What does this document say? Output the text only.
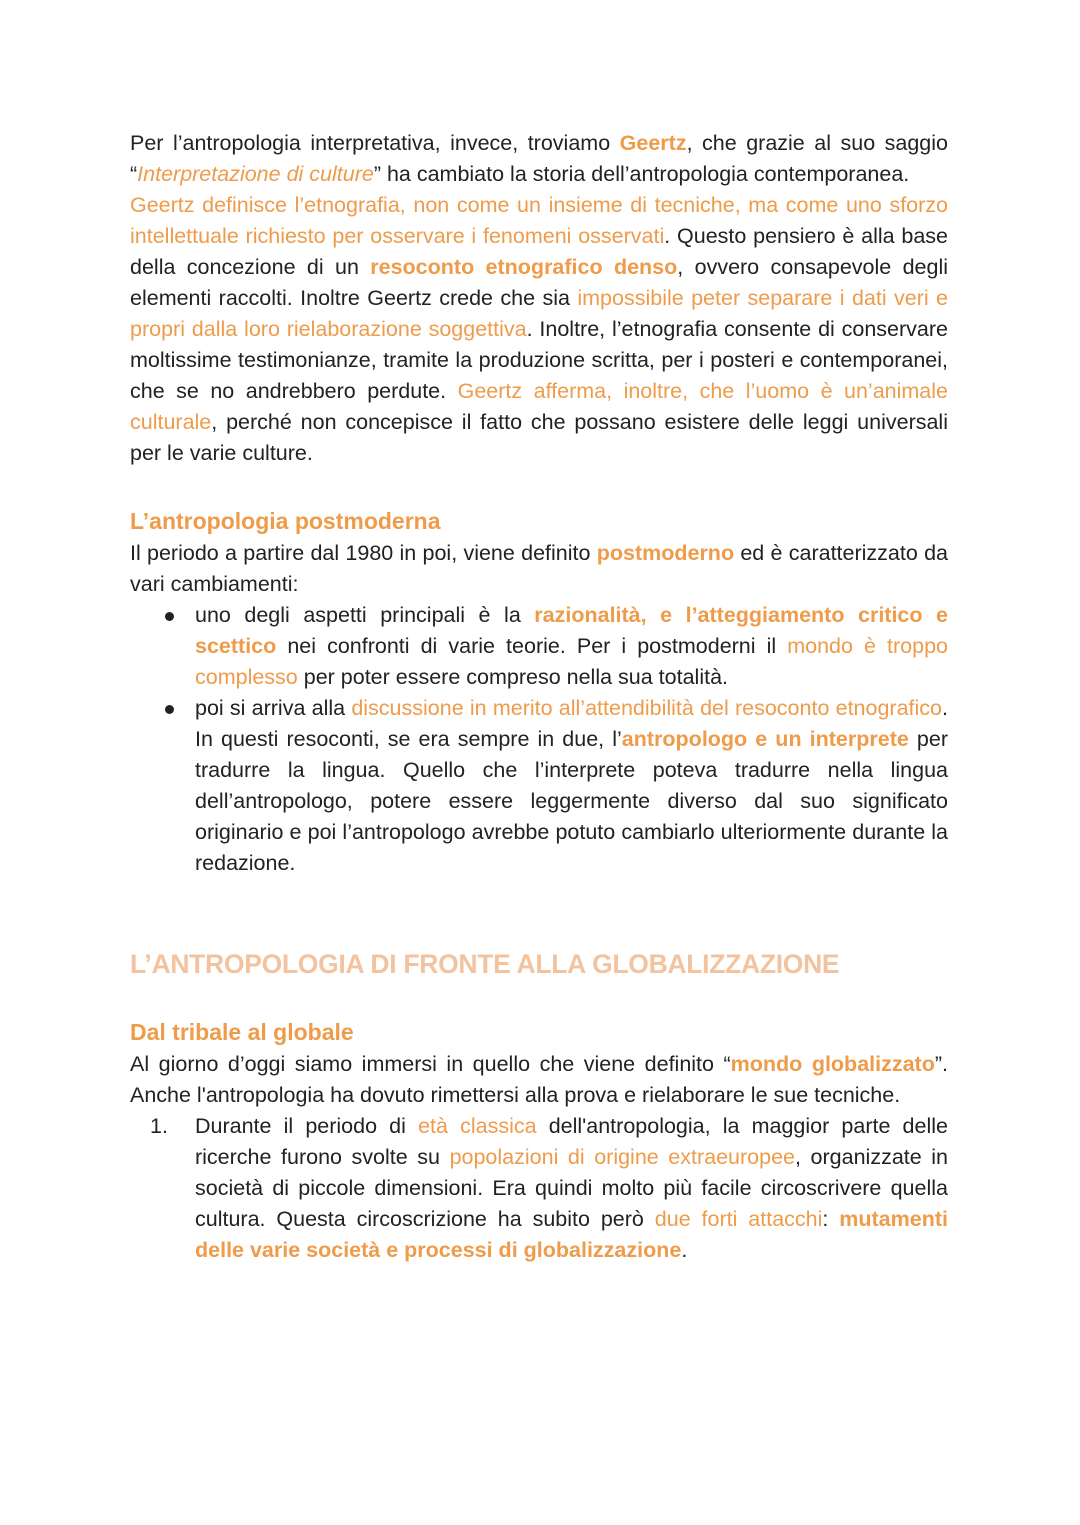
Per l’antropologia interpretativa, invece, troviamo Geertz, che grazie al suo saggio “Interpretazione di culture” ha cambiato la storia dell’antropologia contemporanea.

Geertz definisce l’etnografia, non come un insieme di tecniche, ma come uno sforzo intellettuale richiesto per osservare i fenomeni osservati. Questo pensiero è alla base della concezione di un resoconto etnografico denso, ovvero consapevole degli elementi raccolti. Inoltre Geertz crede che sia impossibile peter separare i dati veri e propri dalla loro rielaborazione soggettiva. Inoltre, l’etnografia consente di conservare moltissime testimonianze, tramite la produzione scritta, per i posteri e contemporanei, che se no andrebbero perdute. Geertz afferma, inoltre, che l’uomo è un’animale culturale, perché non concepisce il fatto che possano esistere delle leggi universali per le varie culture.

L’antropologia postmoderna

Il periodo a partire dal 1980 in poi, viene definito postmoderno ed è caratterizzato da vari cambiamenti:

uno degli aspetti principali è la razionalità, e l’atteggiamento critico e scettico nei confronti di varie teorie. Per i postmoderni il mondo è troppo complesso per poter essere compreso nella sua totalità.
poi si arriva alla discussione in merito all’attendibilità del resoconto etnografico. In questi resoconti, se era sempre in due, l’antropologo e un interprete per tradurre la lingua. Quello che l’interprete poteva tradurre nella lingua dell’antropologo, potere essere leggermente diverso dal suo significato originario e poi l’antropologo avrebbe potuto cambiarlo ulteriormente durante la redazione.
L’ANTROPOLOGIA DI FRONTE ALLA GLOBALIZZAZIONE
Dal tribale al globale

Al giorno d’oggi siamo immersi in quello che viene definito “mondo globalizzato”. Anche l'antropologia ha dovuto rimettersi alla prova e rielaborare le sue tecniche.

1. Durante il periodo di età classica dell'antropologia, la maggior parte delle ricerche furono svolte su popolazioni di origine extraeuropee, organizzate in società di piccole dimensioni. Era quindi molto più facile circoscrivere quella cultura. Questa circoscrizione ha subito però due forti attacchi: mutamenti delle varie società e processi di globalizzazione.
